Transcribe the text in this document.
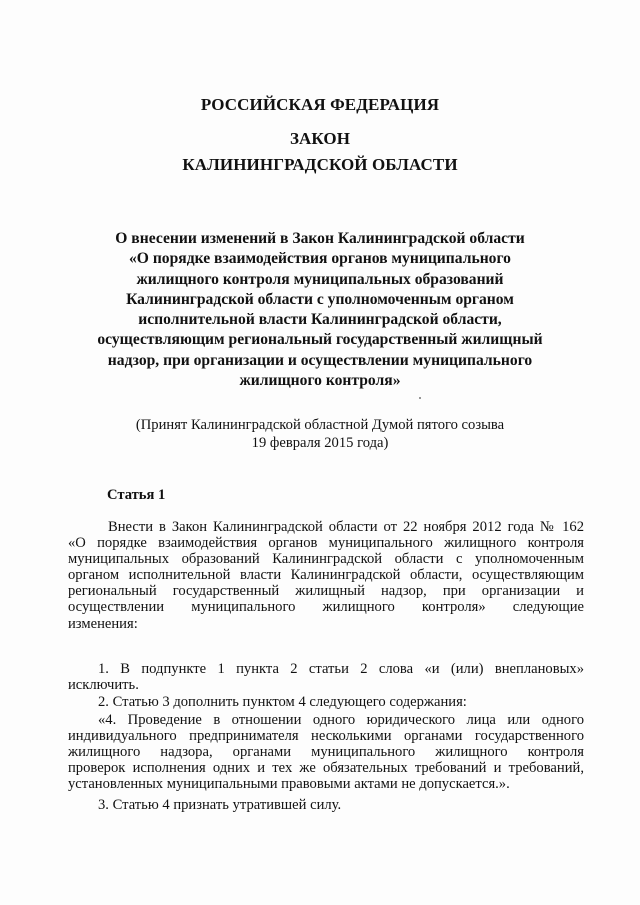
РОССИЙСКАЯ ФЕДЕРАЦИЯ
ЗАКОН
КАЛИНИНГРАДСКОЙ ОБЛАСТИ
О внесении изменений в Закон Калининградской области
«О порядке взаимодействия органов муниципального
жилищного контроля муниципальных образований
Калининградской области с уполномоченным органом
исполнительной власти Калининградской области,
осуществляющим региональный государственный жилищный
надзор, при организации и осуществлении муниципального
жилищного контроля»
(Принят Калининградской областной Думой пятого созыва
19 февраля 2015 года)
Статья 1
Внести в Закон Калининградской области от 22 ноября 2012 года № 162
«О порядке взаимодействия органов муниципального жилищного контроля
муниципальных образований Калининградской области с уполномоченным
органом исполнительной власти Калининградской области, осуществляющим
региональный государственный жилищный надзор, при организации и
осуществлении муниципального жилищного контроля» следующие
изменения:
1. В подпункте 1 пункта 2 статьи 2 слова «и (или) внеплановых»
исключить.
2. Статью 3 дополнить пунктом 4 следующего содержания:
«4. Проведение в отношении одного юридического лица или одного
индивидуального предпринимателя несколькими органами государственного
жилищного надзора, органами муниципального жилищного контроля
проверок исполнения одних и тех же обязательных требований и требований,
установленных муниципальными правовыми актами не допускается.».
3. Статью 4 признать утратившей силу.
